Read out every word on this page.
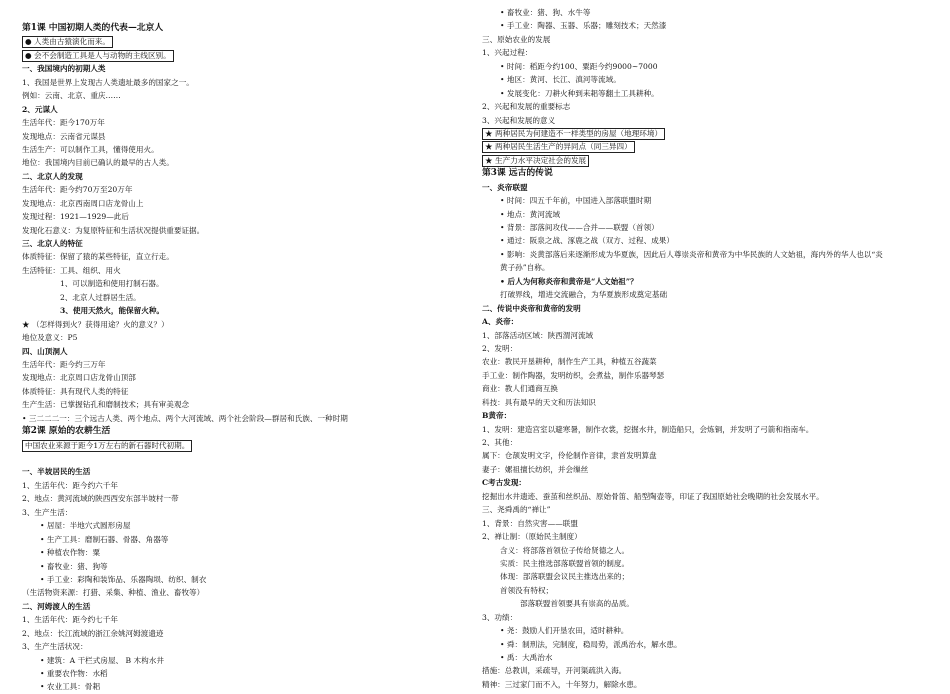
第1课 中国初期人类的代表—北京人
● 人类由古猿演化而来。
● 会不会制造工具是人与动物的主线区别。
一、我国境内的初期人类
1、我国是世界上发现古人类遗址最多的国家之一。
例如：云南、北京、重庆……
2、元谋人
生活年代：距今170万年
发现地点：云南省元谋县
生活生产：可以制作工具，懂得使用火。
地位：我国境内目前已确认的最早的古人类。
二、北京人的发现
生活年代：距今约70万至20万年
发现地点：北京西南周口店龙骨山上
发现过程：1921—1929—此后
发现化石意义：为复原特征和生活状况提供重要证据。
三、北京人的特征
体质特征：保留了猿的某些特征，直立行走。
生活特征：工具、组织、用火
1、可以制造和使用打制石器。
2、北京人过群居生活。
3、使用天然火，能保留火种。
★ （怎样得到火？获得用途？火的意义？）
地位及意义：P5
四、山顶洞人
生活年代：距今约三万年
发现地点：北京周口店龙骨山顶部
体质特征：具有现代人类的特征
生产生活：已掌握钻孔和磨制技术；具有审美观念
• 三二二二一：三个远古人类、两个地点、两个大河流域、两个社会阶段—群居和氏族、一种时期
第2课 原始的农耕生活
中国农业来源于距今1万左右的新石器时代初期。
一、半坡居民的生活
1、生活年代：距今约六千年
2、地点：黄河流域的陕西西安东部半坡村一带
3、生产生活：
• 居屋：半地穴式圆形房屋
• 生产工具：磨制石器、骨器、角器等
• 种植农作物：粟
• 畜牧业：猪、狗等
• 手工业：彩陶和装饰品、乐器陶埙、纺织、制衣
（生活物资来源：打猎、采集、种植、渔业、畜牧等）
二、河姆渡人的生活
1、生活年代：距今约七千年
2、地点：长江流域的浙江余姚河姆渡遗迹
3、生产生活状况：
• 建筑：A 干栏式房屋、 B 木构水井
• 重要农作物：水稻
• 农业工具：骨耜
• 畜牧业：猪、狗、水牛等
• 手工业：陶器、玉器、乐器；雕刻技术；天然漆
三、原始农业的发展
1、兴起过程：
• 时间：稻距今约100、粟距今约9000~7000
• 地区：黄河、长江、滇河等流域。
• 发展变化：刀耕火种到耒耜等翻土工具耕种。
2、兴起和发展的重要标志
3、兴起和发展的意义
★ 两种居民为何建造不一样类型的房屋（地理环境）
★ 两种居民生活生产的异同点（同三异四）
★ 生产力水平决定社会的发展
第3课 远古的传说
一、炎帝联盟
• 时间：四五千年前，中国进入部落联盟时期
• 地点：黄河流域
• 背景：部落间攻伐——合并——联盟（首领）
• 通过：阪泉之战、涿鹿之战（双方、过程、成果）
• 影响：炎黄部落后来逐渐形成为华夏族，因此后人尊崇炎帝和黄帝为中华民族的人文始祖，海内外的华人也以“炎
黄子孙”自称。
• 后人为何称炎帝和黄帝是“人文始祖”？
打破界线，增进交流融合，为华夏族形成奠定基础
二、传说中炎帝和黄帝的发明
A、炎帝：
1、部落活动区域：陕西渭河流域
2、发明：
农业：教民开垦耕种，制作生产工具，种植五谷蔬菜
手工业：制作陶器，发明纺织，会煮盐，制作乐器琴瑟
商业：教人们通商互换
科技：具有最早的天文和历法知识
B黄帝：
1、发明：建造宫室以避寒暑，制作衣裳，挖掘水井，制造船只，会炼铜，并发明了弓箭和指南车。
2、其他：
属下：仓颉发明文字，伶伦制作音律，隶首发明算盘
妻子：嫘祖擅长纺织，并会缫丝
C考古发现：
挖掘出水井遗迹、蚕茧和丝织品、原始骨笛、船型陶壶等，印证了我国原始社会晚期的社会发展水平。
三、尧舜禹的“禅让”
1、背景：自然灾害——联盟
2、禅让制：（原始民主制度）
含义：将部落首领位子传给贤德之人。
实质：民主推选部落联盟首领的制度。
体现：部落联盟会议民主推选出来的；
首领没有特权；
部落联盟首领要具有崇高的品质。
3、功绩：
• 尧：鼓励人们开垦农田，适时耕种。
• 舜：制刑法，完制度，稳局势，派禹治水，解水患。
• 禹：大禹治水
措施：总教训，采疏导，开河渠疏洪入海。
精神：三过家门而不入，十年努力，解除水患。
